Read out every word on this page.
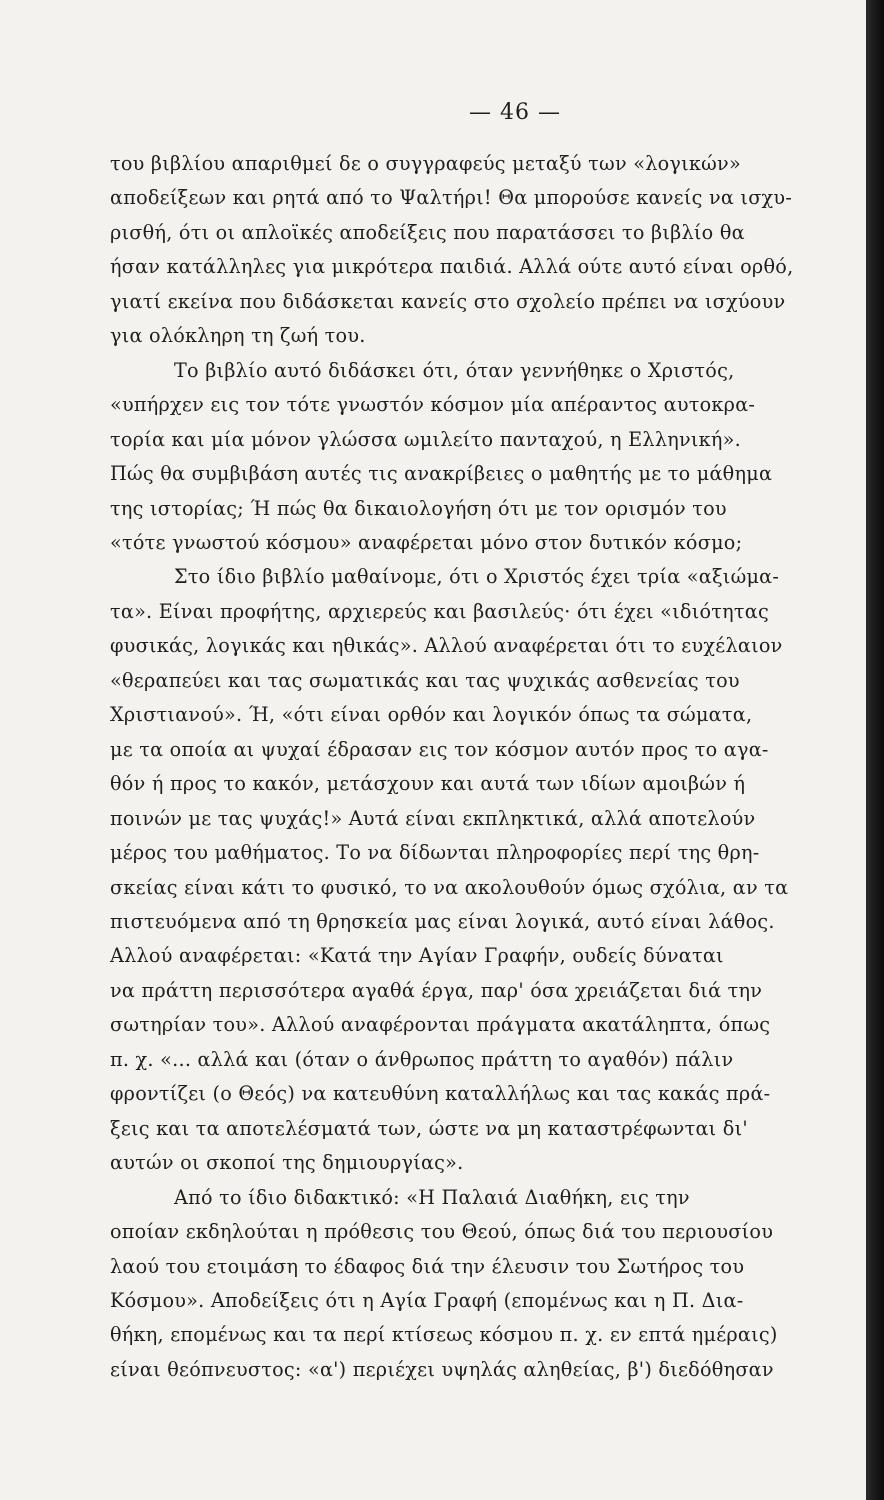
— 46 —
του βιβλίου απαριθμεί δε ο συγγραφεύς μεταξύ των «λογικών»
αποδείξεων και ρητά από το Ψαλτήρι! Θα μπορούσε κανείς να ισχυ-
ρισθή, ότι οι απλοϊκές αποδείξεις που παρατάσσει το βιβλίο θα
ήσαν κατάλληλες για μικρότερα παιδιά. Αλλά ούτε αυτό είναι ορθό,
γιατί εκείνα που διδάσκεται κανείς στο σχολείο πρέπει να ισχύουν
για ολόκληρη τη ζωή του.
Το βιβλίο αυτό διδάσκει ότι, όταν γεννήθηκε ο Χριστός,
«υπήρχεν εις τον τότε γνωστόν κόσμον μία απέραντος αυτοκρα-
τορία και μία μόνον γλώσσα ωμιλείτο πανταχού, η Ελληνική».
Πώς θα συμβιβάση αυτές τις ανακρίβειες ο μαθητής με το μάθημα
της ιστορίας; Ή πώς θα δικαιολογήση ότι με τον ορισμόν του
«τότε γνωστού κόσμου» αναφέρεται μόνο στον δυτικόν κόσμο;
Στο ίδιο βιβλίο μαθαίνομε, ότι ο Χριστός έχει τρία «αξιώμα-
τα». Είναι προφήτης, αρχιερεύς και βασιλεύς· ότι έχει «ιδιότητας
φυσικάς, λογικάς και ηθικάς». Αλλού αναφέρεται ότι το ευχέλαιον
«θεραπεύει και τας σωματικάς και τας ψυχικάς ασθενείας του
Χριστιανού». Ή, «ότι είναι ορθόν και λογικόν όπως τα σώματα,
με τα οποία αι ψυχαί έδρασαν εις τον κόσμον αυτόν προς το αγα-
θόν ή προς το κακόν, μετάσχουν και αυτά των ιδίων αμοιβών ή
ποινών με τας ψυχάς!» Αυτά είναι εκπληκτικά, αλλά αποτελούν
μέρος του μαθήματος. Το να δίδωνται πληροφορίες περί της θρη-
σκείας είναι κάτι το φυσικό, το να ακολουθούν όμως σχόλια, αν τα
πιστευόμενα από τη θρησκεία μας είναι λογικά, αυτό είναι λάθος.
Αλλού αναφέρεται: «Κατά την Αγίαν Γραφήν, ουδείς δύναται
να πράττη περισσότερα αγαθά έργα, παρ' όσα χρειάζεται διά την
σωτηρίαν του». Αλλού αναφέρονται πράγματα ακατάληπτα, όπως
π. χ. «... αλλά και (όταν ο άνθρωπος πράττη το αγαθόν) πάλιν
φροντίζει (ο Θεός) να κατευθύνη καταλλήλως και τας κακάς πρά-
ξεις και τα αποτελέσματά των, ώστε να μη καταστρέφωνται δι'
αυτών οι σκοποί της δημιουργίας».
Από το ίδιο διδακτικό: «Η Παλαιά Διαθήκη, εις την
οποίαν εκδηλούται η πρόθεσις του Θεού, όπως διά του περιουσίου
λαού του ετοιμάση το έδαφος διά την έλευσιν του Σωτήρος του
Κόσμου». Αποδείξεις ότι η Αγία Γραφή (επομένως και η Π. Δια-
θήκη, επομένως και τα περί κτίσεως κόσμου π. χ. εν επτά ημέραις)
είναι θεόπνευστος: «α') περιέχει υψηλάς αληθείας, β') διεδόθησαν
